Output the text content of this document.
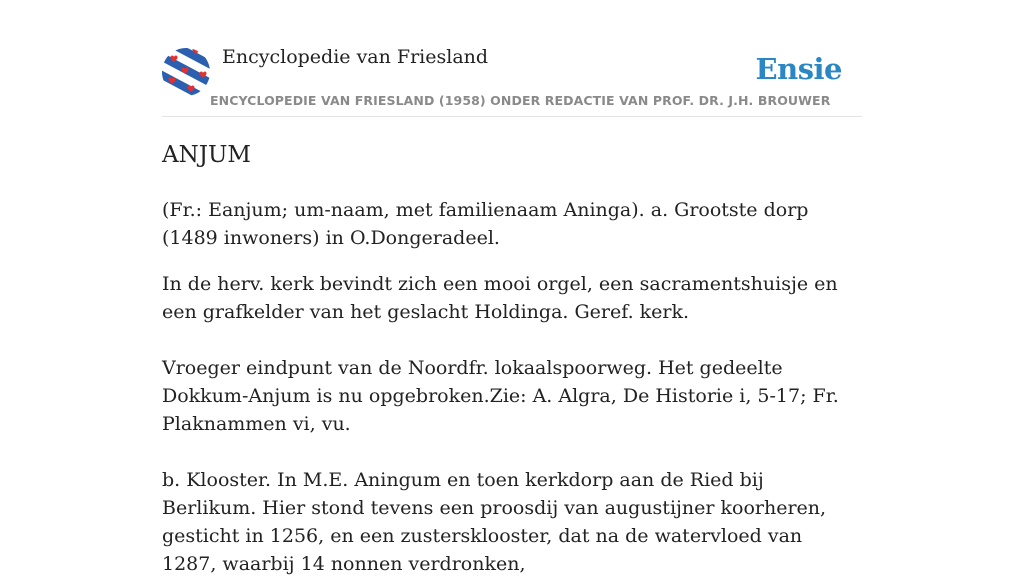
Encyclopedie van Friesland	Ensie
ENCYCLOPEDIE VAN FRIESLAND (1958) ONDER REDACTIE VAN PROF. DR. J.H. BROUWER
ANJUM

(Fr.: Eanjum; um-naam, met familienaam Aninga). a. Grootste dorp (1489 inwoners) in O.Dongeradeel.

In de herv. kerk bevindt zich een mooi orgel, een sacramentshuisje en een grafkelder van het geslacht Holdinga. Geref. kerk.

Vroeger eindpunt van de Noordfr. lokaalspoorweg. Het gedeelte Dokkum-Anjum is nu opgebroken.Zie: A. Algra, De Historie i, 5-17; Fr. Plaknammen vi, vu.

b. Klooster. In M.E. Aningum en toen kerkdorp aan de Ried bij Berlikum. Hier stond tevens een proosdij van augustijner koorheren, gesticht in 1256, en een zustersklooster, dat na de watervloed van 1287, waarbij 14 nonnen verdronken,
